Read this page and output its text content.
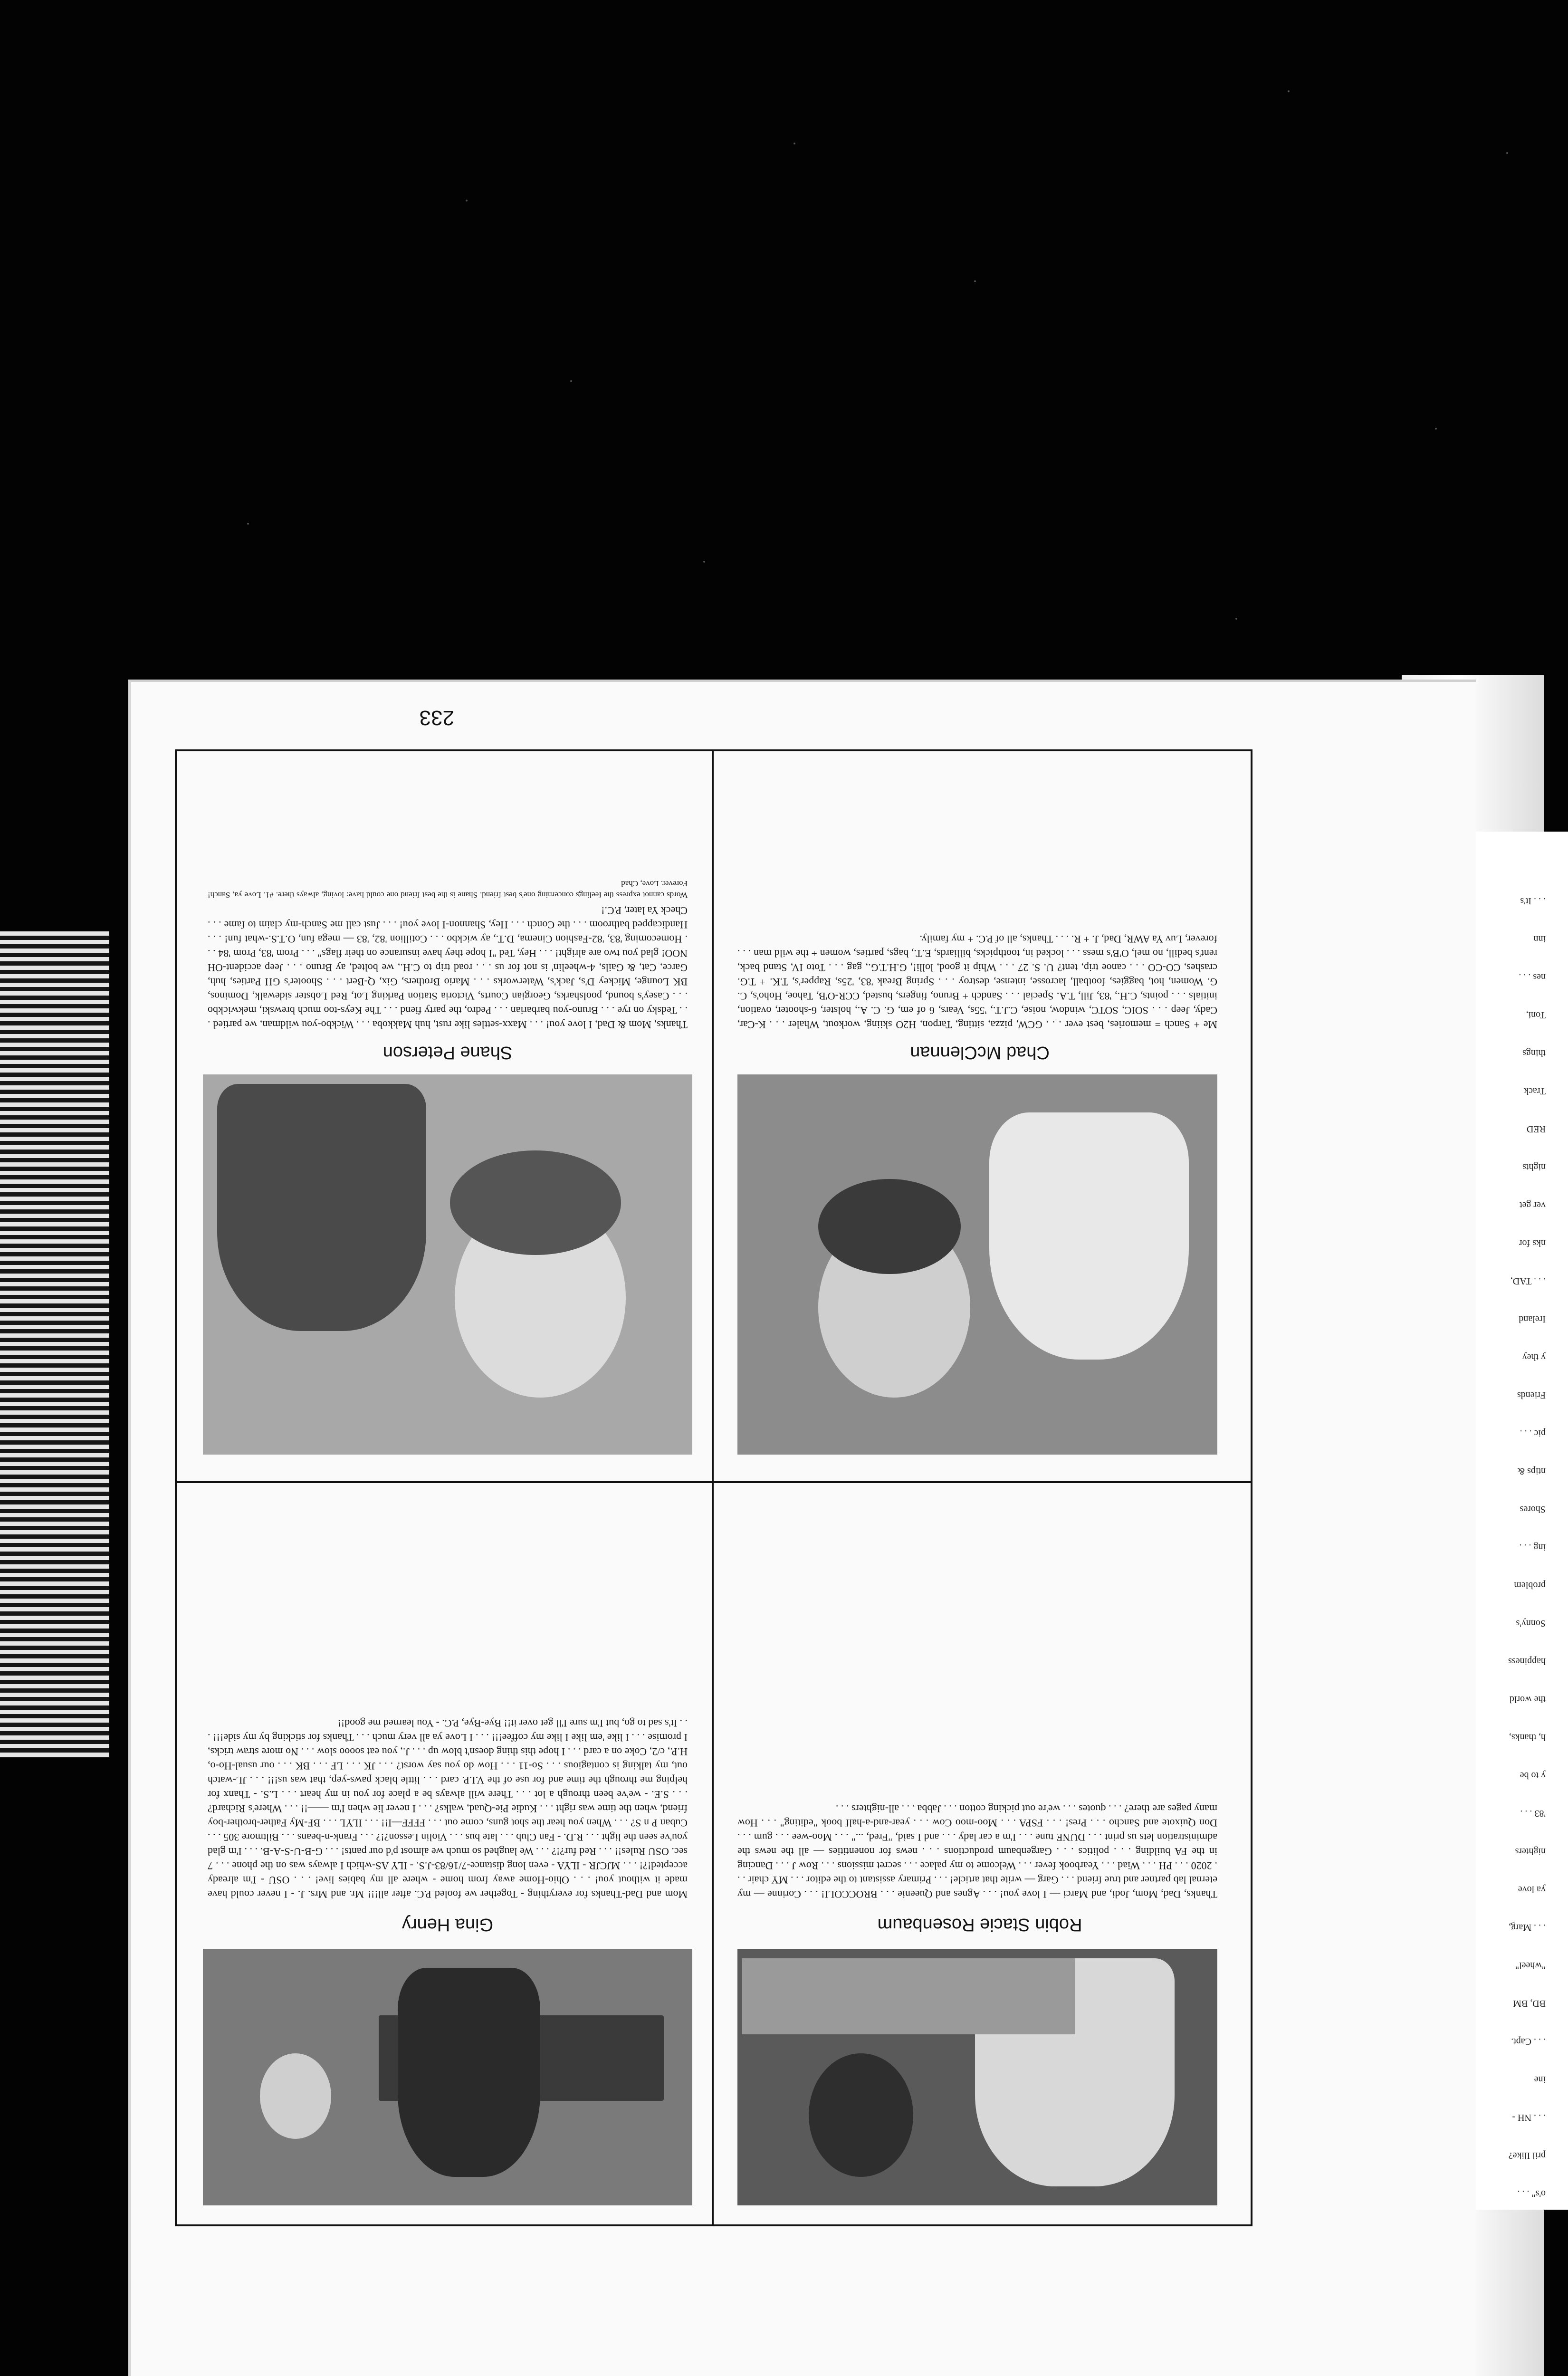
o's" . . .
pril Ilike?
. . . NH -
ine
. . . Capt.
BD, BM
"wheel"
. . . Marg,
ya love
nighters
'83 . . .
y to be
h, thanks,
the world
happiness
Sonny's
problem
ing . . .
Shores
ntips &
pic . . .
Friends
y they
Ireland
. . . TAD,
nks for
ver get
nights
RED
Track
things
Toni,
nes . . .
inn
. . . It's
Robin Stacie Rosenbaum
Thanks, Dad, Mom, Jodi, and Marci — I love you! . . . Agnes and Queenie . . . BROCCOLI! . . . Corinne — my eternal lab partner and true friend . . . Garg — write that article! . . . Primary assistant to the editor . . . MY chair . . . 2020 . . . PH . . . Wiad . . . Yearbook fever . . . Welcome to my palace . . . secret missions . . . Row J . . . Dancing in the FA building . . . politics . . . Gargenbaum productions . . . news for nonentities — all the news the administration lets us print . . . DUNE tune . . . I'm a car lady . . . and I said, "Fred, ..." . . . Moo-wee . . . gum . . . Don Quixote and Sancho . . . Pres! . . . FSPA . . . Moo-moo Cow . . . year-and-a-half book "editing" . . . How many pages are there? . . . quotes . . . we're out picking cotton . . . Jabba . . . all-nighters . . .
Gina Henry
Mom and Dad-Thanks for everything - Together we fooled P.C. after all!!! Mr. and Mrs. J. - I never could have made it without you! . . . Ohio-Home away from home - where all my babies live! . . . OSU - I'm already accepted!?! . . . MJCJR - ILYA - even long distance-7/16/83-J.S. - ILY AS-which I always was on the phone . . . 7 sec. OSU Rules!! . . . Red fur?!? . . . We laughed so much we almost p'd our pants! . . . G-B-U-S-A-B. . . . I'm glad you've seen the light . . . R.D. - Fan Club . . . late bus . . . Violin Lesson?!? . . . Frank-n-beans . . . Biltmore 305 . . . Cuban P n S? . . . When you hear the shot guns, come out . . . FFFF—I!! . . . ILYL . . . BF-My Father-brother-boy friend, when the time was right . . . Kudie Pie-Quad, walks? . . . I never lie when I'm ——!! . . . Where's Richard? . . . S.E. - we've been through a lot . . . There will always be a place for you in my heart . . . L.S. - Thanx for helping me through the time and for use of the V.I.P. card . . . little black paws-yep, that was us!!! . . . JL-watch out, my talking is contagious . . . So-11 . . . How do you say worst? . . . JK . . . LF . . . BK . . . our usual-Ho-o, H.P., c/2, Coke on a card . . . I hope this thing doesn't blow up . . . J., you eat soooo slow . . . No more straw tricks, I promise . . . I like 'em like I like my coffee!!! . . . I Love ya all very much . . . Thanks for sticking by my side!!! . . . It's sad to go, but I'm sure I'll get over it!! Bye-Bye, P.C. - You learned me good!!
Chad McClennan
Me + Sanch = memories, best ever . . . GCW, pizza, sitting, Tarpon, H2O skiing, workout, Whaler . . . K-Car, Cady, Jeep . . . SOIC, SOTC, window, noise, C.J.T., '55s, Vears, 6 of em, G. C. A., holster, 6-shooter, ovation, initials . . . points, C.H., '83, Jill, T.A. Special . . . Sandch + Bruno, fingers, busted, CCR-O'B, Tahoe, Hoho's, C. G. Women, hot, baggies, football, lacrosse, intense, destroy . . . Spring Break '83, '25s, Rapper's, T.K. + T.G. crashes, CO-CO . . . canoe trip, tent? U. S. 27 . . . Whip it good, lolli!, G.H.T.G., gag . . . Toto IV, Stand back, rent's bedill, no mel, O'B's mess . . . locked in, toothpicks, billiards, E.T., bags, parties, women + the wild man . . . forever, Luv Ya AWR, Dad, J. + R. . . . Thanks, all of P.C. + my family.
Shane Peterson
Thanks, Mom & Dad, I love you! . . . Maxx-settles like rust, huh Makkoba . . . Wickbo-you wildman, we partied . . . Tedsky on rye . . . Bruno-you barbarian . . . Pedro, the party fiend . . . The Keys-too much brewski, mekwickbo . . . Casey's bound, poolsharks, Georgian Courts, Victoria Station Parking Lot, Red Lobster sidewalk, Dominos, BK Lounge, Mickey D's, Jack's, Waterworks . . . Mario Brothers, Gix, Q-Bert . . . Shooter's GH Parties, huh, Garce, Cat, & Gails, 4-wheelin' is not for us . . . road trip to C.H., we bolted, ay Bruno . . . Jeep accident-OH NOO! glad you two are alright! . . . Hey, Ted "I hope they have insurance on their flags" . . . Prom '83, Prom '84 . . . Homecoming '83, '82-Fashion Cinema, D.T., ay wickbo . . . Cotillion '82, '83 — mega fun, O.T.S.-what fun! . . . Handicapped bathroom . . . the Conch . . . Hey, Shannon-I love you! . . . Just call me Sanch-my claim to fame . . . Check Ya later, P.C.!
Words cannot express the feelings concerning one's best friend. Shane is the best friend one could have: loving, always there. #1. Love ya, Sanch! Forever. Love, Chad
233
